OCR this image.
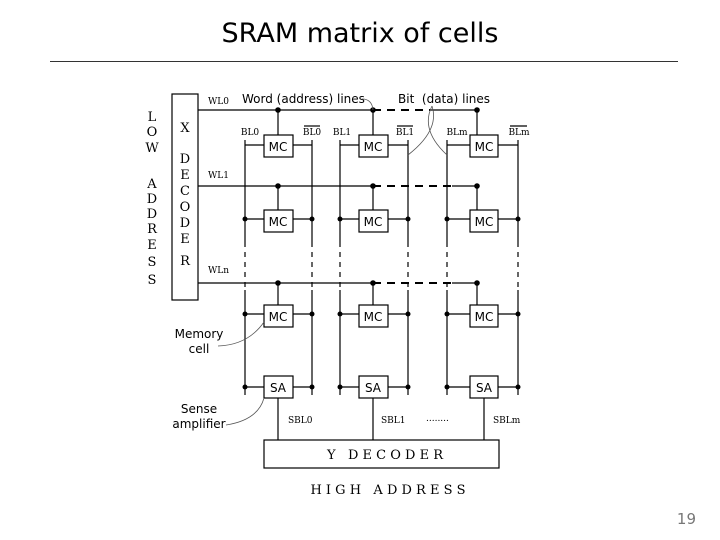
SRAM matrix of cells
L
O
W
A
D
D
R
E
S
S
X
D
E
C
O
D
E
R
WL0
WL1
WLn
BL0	BL0 BL1	BL1	BLm	BLm
MC	MC	MC
MC	MC	MC
MC	MC	MC
SA	SA	SA
SBL0	SBL1	SBLm
........
Y   D E C O D E R
H I G H   A D D R E S S
Word (address) lines	Bit  (data) lines
Memory
cell
Sense
amplifier
19
